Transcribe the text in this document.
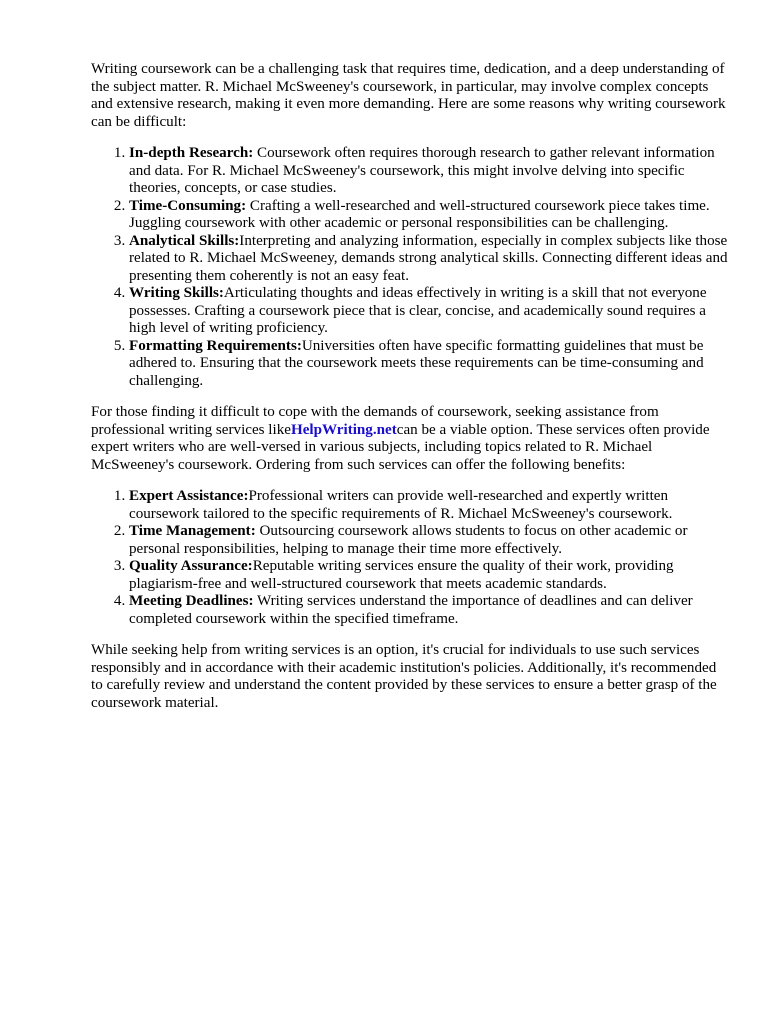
Writing coursework can be a challenging task that requires time, dedication, and a deep understanding of the subject matter. R. Michael McSweeney's coursework, in particular, may involve complex concepts and extensive research, making it even more demanding. Here are some reasons why writing coursework can be difficult:

1. In-depth Research: Coursework often requires thorough research to gather relevant information and data. For R. Michael McSweeney's coursework, this might involve delving into specific theories, concepts, or case studies.
2. Time-Consuming: Crafting a well-researched and well-structured coursework piece takes time. Juggling coursework with other academic or personal responsibilities can be challenging.
3. Analytical Skills:Interpreting and analyzing information, especially in complex subjects like those related to R. Michael McSweeney, demands strong analytical skills. Connecting different ideas and presenting them coherently is not an easy feat.
4. Writing Skills:Articulating thoughts and ideas effectively in writing is a skill that not everyone possesses. Crafting a coursework piece that is clear, concise, and academically sound requires a high level of writing proficiency.
5. Formatting Requirements:Universities often have specific formatting guidelines that must be adhered to. Ensuring that the coursework meets these requirements can be time-consuming and challenging.

For those finding it difficult to cope with the demands of coursework, seeking assistance from professional writing services likeHelpWriting.netcan be a viable option. These services often provide expert writers who are well-versed in various subjects, including topics related to R. Michael McSweeney's coursework. Ordering from such services can offer the following benefits:

1. Expert Assistance:Professional writers can provide well-researched and expertly written coursework tailored to the specific requirements of R. Michael McSweeney's coursework.
2. Time Management: Outsourcing coursework allows students to focus on other academic or personal responsibilities, helping to manage their time more effectively.
3. Quality Assurance:Reputable writing services ensure the quality of their work, providing plagiarism-free and well-structured coursework that meets academic standards.
4. Meeting Deadlines: Writing services understand the importance of deadlines and can deliver completed coursework within the specified timeframe.

While seeking help from writing services is an option, it's crucial for individuals to use such services responsibly and in accordance with their academic institution's policies. Additionally, it's recommended to carefully review and understand the content provided by these services to ensure a better grasp of the coursework material.
